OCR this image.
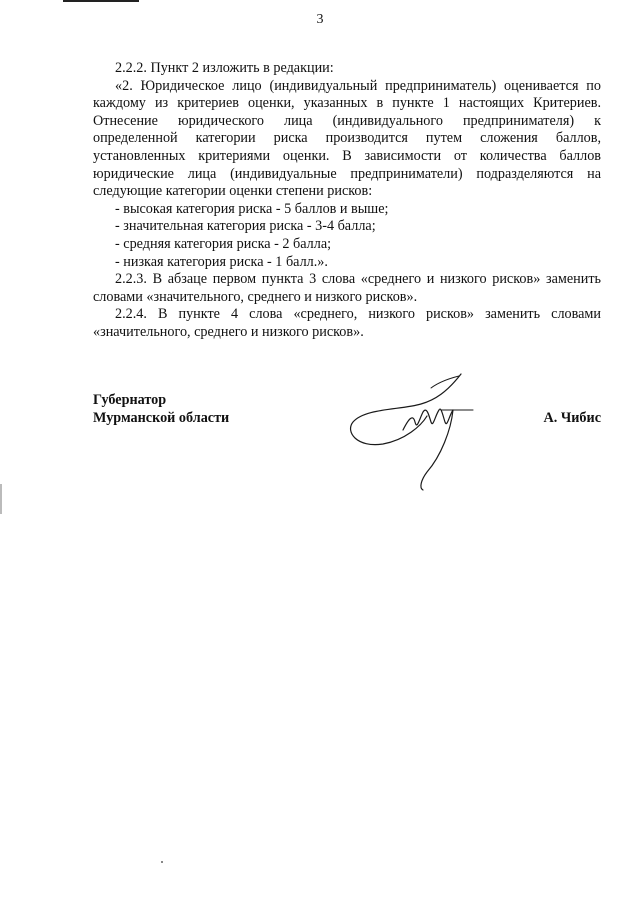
3

2.2.2. Пункт 2 изложить в редакции:

«2. Юридическое лицо (индивидуальный предприниматель) оценивается по каждому из критериев оценки, указанных в пункте 1 настоящих Критериев. Отнесение юридического лица (индивидуального предпринимателя) к определенной категории риска производится путем сложения баллов, установленных критериями оценки. В зависимости от количества баллов юридические лица (индивидуальные предприниматели) подразделяются на следующие категории оценки степени рисков:

- высокая категория риска - 5 баллов и выше;

- значительная категория риска - 3-4 балла;

- средняя категория риска - 2 балла;

- низкая категория риска - 1 балл.».

2.2.3. В абзаце первом пункта 3 слова «среднего и низкого рисков» заменить словами «значительного, среднего и низкого рисков».

2.2.4. В пункте 4 слова «среднего, низкого рисков» заменить словами «значительного, среднего и низкого рисков».

Губернатор
Мурманской области	А. Чибис
